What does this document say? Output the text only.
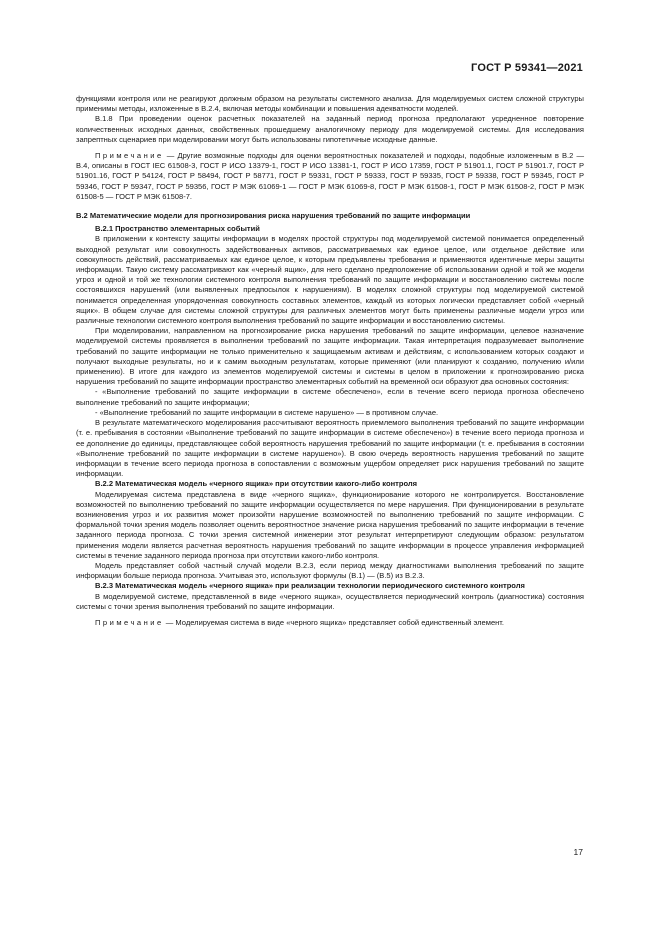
ГОСТ Р 59341—2021

функциями контроля или не реагируют должным образом на результаты системного анализа. Для моделируемых систем сложной структуры применимы методы, изложенные в В.2.4, включая методы комбинации и повышения адекватности моделей.

В.1.8 При проведении оценок расчетных показателей на заданный период прогноза предполагают усредненное повторение количественных исходных данных, свойственных прошедшему аналогичному периоду для моделируемой системы. Для исследования запрептных сценариев при моделировании могут быть использованы гипотетичные исходные данные.

Примечание — Другие возможные подходы для оценки вероятностных показателей и подходы, подобные изложенным в В.2 — В.4, описаны в ГОСТ IEC 61508-3, ГОСТ Р ИСО 13379-1, ГОСТ Р ИСО 13381-1, ГОСТ Р ИСО 17359, ГОСТ Р 51901.1, ГОСТ Р 51901.7, ГОСТ Р 51901.16, ГОСТ Р 54124, ГОСТ Р 58494, ГОСТ Р 58771, ГОСТ Р 59331, ГОСТ Р 59333, ГОСТ Р 59335, ГОСТ Р 59338, ГОСТ Р 59345, ГОСТ Р 59346, ГОСТ Р 59347, ГОСТ Р 59356, ГОСТ Р МЭК 61069-1 — ГОСТ Р МЭК 61069-8, ГОСТ Р МЭК 61508-1, ГОСТ Р МЭК 61508-2, ГОСТ Р МЭК 61508-5 — ГОСТ Р МЭК 61508-7.

В.2 Математические модели для прогнозирования риска нарушения требований по защите информации

В.2.1 Пространство элементарных событий

В приложении к контексту защиты информации в моделях простой структуры под моделируемой системой понимается определенный выходной результат или совокупность задействованных активов, рассматриваемых как единое целое, или отдельное действие или совокупность действий, рассматриваемых как единое целое, к которым предъявлены требования и применяются идентичные меры защиты информации. Такую систему рассматривают как «черный ящик», для него сделано предположение об использовании одной и той же модели угроз и одной и той же технологии системного контроля выполнения требований по защите информации и восстановлению системы после состоявшихся нарушений (или выявленных предпосылок к нарушениям). В моделях сложной структуры под моделируемой системой понимается определенная упорядоченная совокупность составных элементов, каждый из которых логически представляет собой «черный ящик». В общем случае для системы сложной структуры для различных элементов могут быть применены различные модели угроз или различные технологии системного контроля выполнения требований по защите информации и восстановлению системы.

При моделировании, направленном на прогнозирование риска нарушения требований по защите информации, целевое назначение моделируемой системы проявляется в выполнении требований по защите информации. Такая интерпретация подразумевает выполнение требований по защите информации не только применительно к защищаемым активам и действиям, с использованием которых создают и получают выходные результаты, но и к самим выходным результатам, которые применяют (или планируют к созданию, получению и/или применению). В итоге для каждого из элементов моделируемой системы и системы в целом в приложении к прогнозированию риска нарушения требований по защите информации пространство элементарных событий на временной оси образуют два основных состояния:

- «Выполнение требований по защите информации в системе обеспечено», если в течение всего периода прогноза обеспечено выполнение требований по защите информации;

- «Выполнение требований по защите информации в системе нарушено» — в противном случае.

В результате математического моделирования рассчитывают вероятность приемлемого выполнения требований по защите информации (т. е. пребывания в состоянии «Выполнение требований по защите информации в системе обеспечено») в течение всего периода прогноза и ее дополнение до единицы, представляющее собой вероятность нарушения требований по защите информации (т. е. пребывания в состоянии «Выполнение требований по защите информации в системе нарушено»). В свою очередь вероятность нарушения требований по защите информации в течение всего периода прогноза в сопоставлении с возможным ущербом определяет риск нарушения требований по защите информации.

В.2.2 Математическая модель «черного ящика» при отсутствии какого-либо контроля

Моделируемая система представлена в виде «черного ящика», функционирование которого не контролируется. Восстановление возможностей по выполнению требований по защите информации осуществляется по мере нарушения. При функционировании в результате возникновения угроз и их развития может произойти нарушение возможностей по выполнению требований по защите информации. С формальной точки зрения модель позволяет оценить вероятностное значение риска нарушения требований по защите информации в течение заданного периода прогноза. С точки зрения системной инженерии этот результат интерпретируют следующим образом: результатом применения модели является расчетная вероятность нарушения требований по защите информации в процессе управления информацией системы в течение заданного периода прогноза при отсутствии какого-либо контроля.

Модель представляет собой частный случай модели В.2.3, если период между диагностиками выполнения требований по защите информации больше периода прогноза. Учитывая это, используют формулы (В.1) — (В.5) из В.2.3.

В.2.3 Математическая модель «черного ящика» при реализации технологии периодического системного контроля

В моделируемой системе, представленной в виде «черного ящика», осуществляется периодический контроль (диагностика) состояния системы с точки зрения выполнения требований по защите информации.

Примечание — Моделируемая система в виде «черного ящика» представляет собой единственный элемент.

17
